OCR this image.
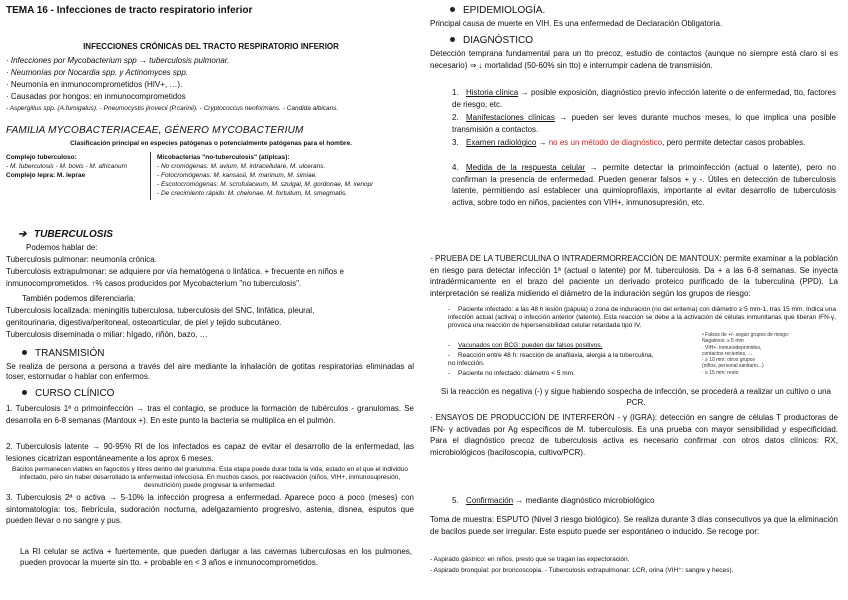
TEMA 16 - Infecciones de tracto respiratorio inferior
INFECCIONES CRÓNICAS DEL TRACTO RESPIRATORIO INFERIOR
· Infecciones por Mycobacterium spp → tuberculosis pulmonar.
· Neumonías por Nocardia spp. y Actinomyces spp.
· Neumonía en inmunocomprometidos (HIV+, …).
· Causadas por hongos: en inmunocomprometidos
- Aspergillus spp. (A.fumigatus). - Pneumocystis jirovecii (P.carinii). - Cryptococcus neoformans. - Candida albicans.
FAMILIA MYCOBACTERIACEAE, GÉNERO MYCOBACTERIUM
Clasificación principal en especies patógenas o potencialmente patógenas para el hombre.
Complejo tuberculoso:
- M. tuberculosis - M. bovis - M. africanum
Complejo lepra: M. leprae
Micobacterias "no-tuberculosis" (atípicas):
- No cromógenas: M. avium, M. intracellulare, M. ulcerans.
- Fotocromógenas: M. kansasii, M. marinum, M. simiae.
- Escotocromógenas: M. scrofulaceum, M. szulgai, M. gordonae, M. xenopi
- De crecimiento rápido: M. chelonae, M. fortuitum, M. smegmatis.
➔ TUBERCULOSIS
Podemos hablar de:
Tuberculosis pulmonar: neumonía crónica.
Tuberculosis extrapulmonar: se adquiere por vía hematógena o linfática. + frecuente en niños e
inmunocomprometidos. ↑% casos producidos por Mycobacterium "no tuberculosis".
También podemos diferenciarla:
Tuberculosis localizada: meningitis tuberculosa, tuberculosis del SNC, linfática, pleural,
genitourinaria, digestiva/peritoneal, osteoarticular, de piel y tejido subcutáneo.
Tuberculosis diseminada o miliar: hígado, riñón, bazo, …
TRANSMISIÓN
Se realiza de persona a persona a través del aire mediante la inhalación de gotitas respiratorias eliminadas al toser, estornudar o hablar con enfermos.
CURSO CLÍNICO
1. Tuberculosis 1ª o primoinfección → tras el contagio, se produce la formación de tubérculos - granulomas. Se desarrolla en 6-8 semanas (Mantoux +). En este punto la bacteria se multiplica en el pulmón.
2. Tuberculosis latente → 90-95% RI de los infectados es capaz de evitar el desarrollo de la enfermedad, las lesiones cicatrizan espontáneamente a los aprox 6 meses.
Bacilos permanecen viables en fagocitos y libres dentro del granuloma. Esta etapa puede durar toda la vida, estado en el que el individuo infectado, pero sin haber desarrollado la enfermedad infecciosa. En muchos casos, por reactivación (niños, VIH+, inmunosupresión, desnutrición) puede progresar la enfermedad.
3. Tuberculosis 2ª o activa → 5-10% la infección progresa a enfermedad. Aparece poco a poco (meses) con sintomatología: tos, fiebrícula, sudoración nocturna, adelgazamiento progresivo, astenia, disnea, esputos que pueden llevar o no sangre y pus.
La RI celular se activa + fuertemente, que pueden darlugar a las cavernas tuberculosas en los pulmones, pueden provocar la muerte sin tto. + probable en < 3 años e inmunocomprometidos.
EPIDEMIOLOGÍA.
Principal causa de muerte en VIH. Es una enfermedad de Declaración Obligatoria.
DIAGNÓSTICO
Detección temprana fundamental para un tto precoz, estudio de contactos (aunque no siempre está claro si es necesario) ⇒ ↓ mortalidad (50-60% sin tto) e interrumpir cadena de transmisión.
1. Historia clínica → posible exposición, diagnóstico previo infección latente o de enfermedad, tto, factores de riesgo, etc.
2. Manifestaciones clínicas → pueden ser leves durante muchos meses, lo que implica una posible transmisión a contactos.
3. Examen radiológico → no es un método de diagnóstico, pero permite detectar casos probables.
4. Medida de la respuesta celular → permite detectar la primoinfección (actual o latente), pero no confirman la presencia de enfermedad. Pueden generar falsos + y -. Útiles en detección de tuberculosis latente, permitiendo así establecer una quimioprofilaxis, importante al evitar desarrollo de tuberculosis activa, sobre todo en niños, pacientes con VIH+, inmunosupresión, etc.
· PRUEBA DE LA TUBERCULINA O INTRADERMORREACCIÓN DE MANTOUX: permite examinar a la población en riesgo para detectar infección 1ª (actual o latente) por M. tuberculosis. Da + a las 6-8 semanas. Se inyecta intradérmicamente en el brazo del paciente un derivado proteico purificado de la tuberculina (PPD). La interpretación se realiza midiendo el diámetro de la induración según los grupos de riesgo:
- Paciente infectado: a las 48 h lesión (pápula) o zona de induración (no del eritema) con diámetro ≥ 5 mm-1, tras 15 mm. Indica una infección actual (activa) o infección anterior (latente). Esta reacción se debe a la activación de células inmunitarias que liberan IFN-γ, provoca una reacción de hipersensibilidad celular retardada tipo IV.
- Vacunados con BCG: pueden dar falsos positivos.
- Reacción entre 48 h: reacción de anafilaxia, alergia a la tuberculina, no infección.
- Paciente no infectado: diámetro < 5 mm.
• Falsos de +/- según grupos de riesgo:
Negativos: ≥ 5 mm
· VIH+, inmunodeprimidos,
contactos recientes, ...
· ≥ 10 mm: otros grupos
(niños, personal sanitario...)
· ≥ 15 mm: resto
Si la reacción es negativa (-) y sigue habiendo sospecha de infección, se procederá a realizar un cultivo o una PCR.
· ENSAYOS DE PRODUCCIÓN DE INTERFERÓN - γ (IGRA): detección en sangre de células T productoras de IFN- γ activadas por Ag específicos de M. tuberculosis. Es una prueba con mayor sensibilidad y especificidad. Para el diagnóstico precoz de tuberculosis activa es necesario confirmar con otros datos clínicos: RX, microbiológicos (baciloscopia, cultivo/PCR).
5. Confirmación → mediante diagnóstico microbiológico
Toma de muestra: ESPUTO (Nivel 3 riesgo biológico). Se realiza durante 3 días consecutivos ya que la eliminación de bacilos puede ser irregular. Este esputo puede ser espontáneo o inducido. Se recoge por:
- Aspirado gástrico: en niños, presto que se tragan las expectoración.
- Aspirado bronquial: por broncoscopia. - Tuberculosis extrapulmonar: LCR, orina (VIH⁺: sangre y heces).
